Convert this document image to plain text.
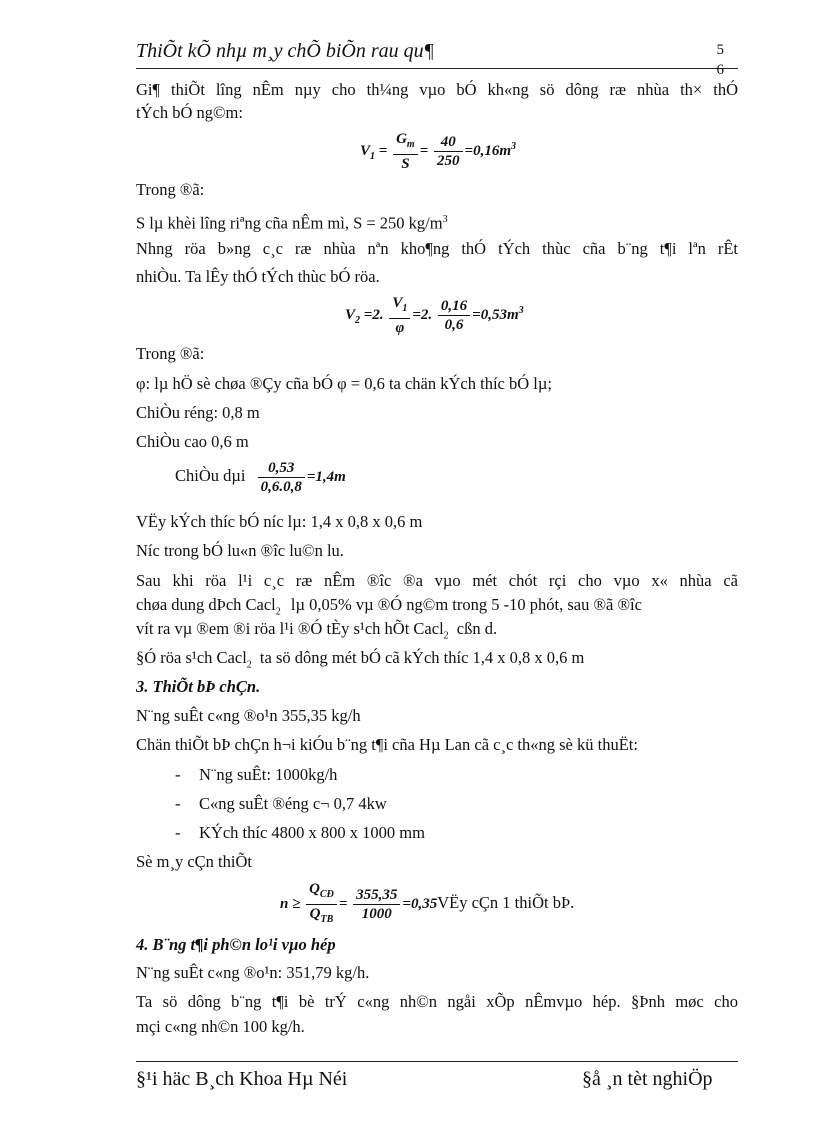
ThiÕt kÕ nhµ m¸y chÕ biÕn rau qu¶	5
6
Gi¶ thiÕt lîng nÊm nµy cho th¼ng vµo bÓ kh«ng sö dông ræ nhùa th× thÓ
tÝch bÓ ng©m:
$V_1 = \frac{G_m}{S} = \frac{40}{250} =0,16m^3$
Trong ®ã:
S lµ khèi lîng riªng cña nÊm mì, S = 250 $kg/m^3$
Nhng röa b»ng c¸c ræ nhùa nªn kho¶ng thÓ tÝch thùc cña b¨ng t¶i lªn rÊt
nhiÒu. Ta lÊy thÓ tÝch thùc bÓ röa.
$V_2 =2$. $\frac{V_1}{\varphi} =2$. $\frac{0,16}{0,6} =0,53m^3$
Trong ®ã:
φ: lµ hÖ sè chøa ®Çy cña bÓ φ = 0,6 ta chän kÝch thíc bÓ lµ;
ChiÒu réng: 0,8 m
ChiÒu cao 0,6 m
ChiÒu dµi $\frac{0,53}{0,6.0,8} =1,4m$
VËy kÝch thíc bÓ níc lµ: 1,4 x 0,8 x 0,6 m
Níc trong bÓ lu«n ®îc lu©n lu.
Sau khi röa l¹i c¸c ræ nÊm ®îc ®a vµo mét chót rçi cho vµo x« nhùa cã
chøa dung dÞch Cacl$_2$ lµ 0,05% vµ ®Ó ng©m trong 5 -10 phót, sau ®ã ®îc
vít ra vµ ®em ®i röa l¹i ®Ó tÈy s¹ch hÕt Cacl$_2$ cßn d.
§Ó röa s¹ch Cacl$_2$ ta sö dông mét bÓ cã kÝch thíc 1,4 x 0,8 x 0,6 m
3. ThiÕt bÞ chÇn.
N¨ng suÊt c«ng ®o¹n 355,35 kg/h
Chän thiÕt bÞ chÇn h¬i kiÓu b¨ng t¶i cña Hµ Lan cã c¸c th«ng sè kü thuËt:
- N¨ng suÊt: 1000kg/h
- C«ng suÊt ®éng c¬ 0,7 4kw
- KÝch thíc 4800 x 800 x 1000 mm
Sè m¸y cÇn thiÕt
$n \ge \frac{Q_{CĐ}}{Q_{TB}} = \frac{355,35}{1000}$ =0,35VËy cÇn 1 thiÕt bÞ.
4. B¨ng t¶i ph©n lo¹i vµo hép
N¨ng suÊt c«ng ®o¹n: 351,79 kg/h.
Ta sö dông b¨ng t¶i bè trÝ c«ng nh©n ngåi xÕp nÊmvµo hép. §Þnh møc cho
mçi c«ng nh©n 100 kg/h.
§¹i häc B¸ch Khoa Hµ Néi	§å ¸n tèt nghiÖp
